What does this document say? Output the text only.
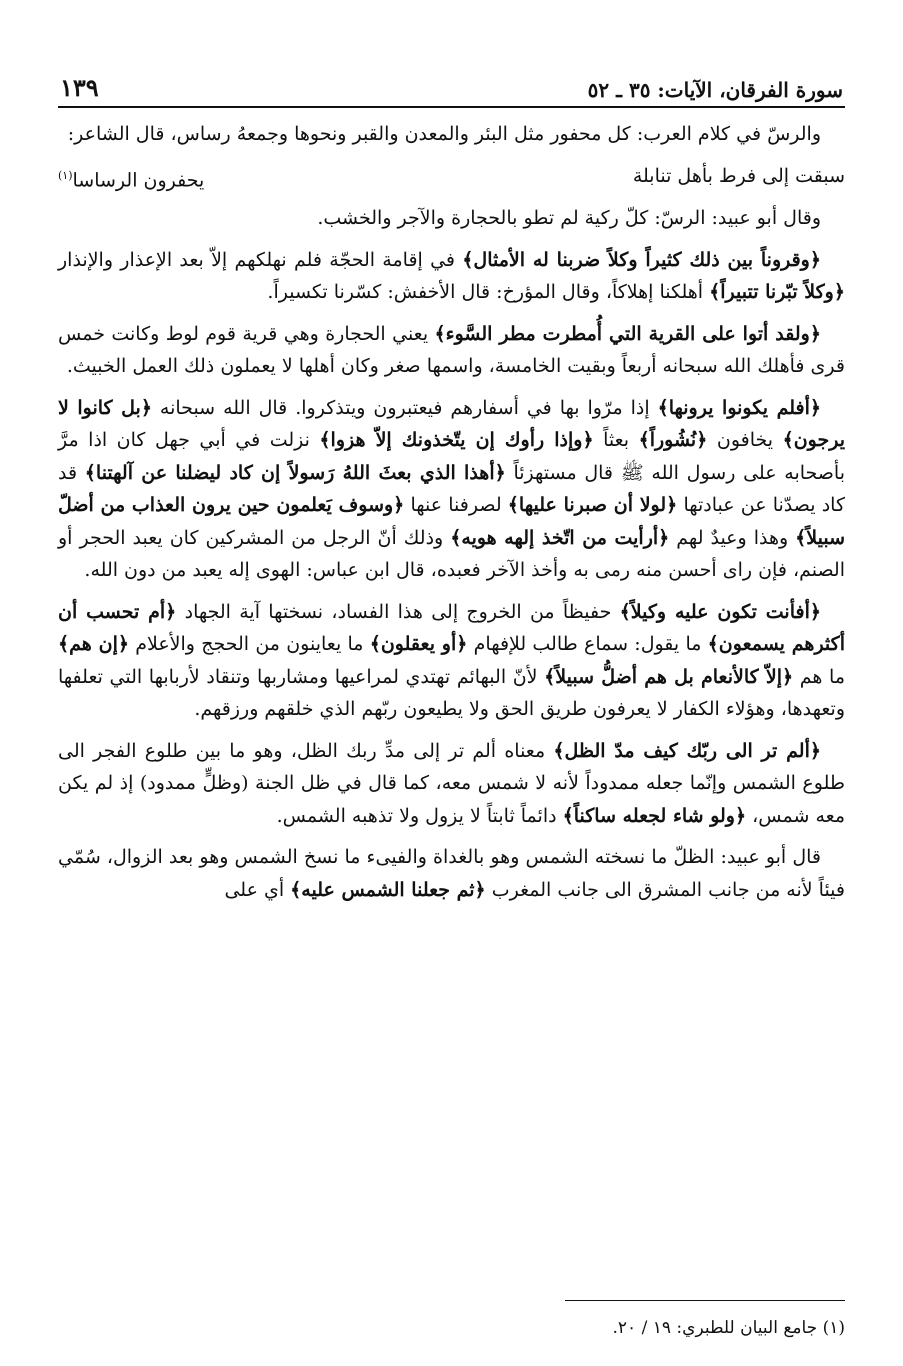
سورة الفرقان، الآيات: ٣٥ ـ ٥٢
١٣٩

والرسّ في كلام العرب: كل محفور مثل البئر والمعدن والقبر ونحوها وجمعهُ رساس، قال الشاعر:

سبقت إلى فرط بأهل تنابلة
يحفرون الرساسا$^{(١)}$

وقال أبو عبيد: الرسّ: كلّ ركية لم تطو بالحجارة والآجر والخشب.

﴿وقروناً بين ذلك كثيراً وكلاً ضربنا له الأمثال﴾ في إقامة الحجّة فلم نهلكهم إلاّ بعد الإعذار والإنذار ﴿وكلاً تبّرنا تتبيراً﴾ أهلكنا إهلاكاً، وقال المؤرخ: قال الأخفش: كسّرنا تكسيراً.

﴿ولقد أتوا على القرية التي أُمطرت مطر السَّوء﴾ يعني الحجارة وهي قرية قوم لوط وكانت خمس قرى فأهلك الله سبحانه أربعاً وبقيت الخامسة، واسمها صغر وكان أهلها لا يعملون ذلك العمل الخبيث.

﴿أفلم يكونوا يرونها﴾ إذا مرّوا بها في أسفارهم فيعتبرون ويتذكروا. قال الله سبحانه ﴿بل كانوا لا يرجون﴾ يخافون ﴿نُشُوراً﴾ بعثاً ﴿وإذا رأوك إن يتّخذونك إلاّ هزوا﴾ نزلت في أبي جهل كان اذا مرَّ بأصحابه على رسول الله ﷺ قال مستهزئاً ﴿أهذا الذي بعثَ اللهُ رَسولاً إن كاد ليضلنا عن آلهتنا﴾ قد كاد يصدّنا عن عبادتها ﴿لولا أن صبرنا عليها﴾ لصرفنا عنها ﴿وسوف يَعلمون حين يرون العذاب من أضلّ سبيلاً﴾ وهذا وعيدٌ لهم ﴿أرأيت من اتّخذ إلهه هويه﴾ وذلك أنّ الرجل من المشركين كان يعبد الحجر أو الصنم، فإن راى أحسن منه رمى به وأخذ الآخر فعبده، قال ابن عباس: الهوى إله يعبد من دون الله.

﴿أفأنت تكون عليه وكيلاً﴾ حفيظاً من الخروج إلى هذا الفساد، نسختها آية الجهاد ﴿أم تحسب أن أكثرهم يسمعون﴾ ما يقول: سماع طالب للإفهام ﴿أو يعقلون﴾ ما يعاينون من الحجج والأعلام ﴿إن هم﴾ ما هم ﴿إلاّ كالأنعام بل هم أضلُّ سبيلاً﴾ لأنّ البهائم تهتدي لمراعيها ومشاربها وتنقاد لأربابها التي تعلفها وتعهدها، وهؤلاء الكفار لا يعرفون طريق الحق ولا يطيعون ربّهم الذي خلقهم ورزقهم.

﴿ألم تر الى ربّك كيف مدّ الظل﴾ معناه ألم تر إلى مدِّ ربك الظل، وهو ما بين طلوع الفجر الى طلوع الشمس وإنّما جعله ممدوداً لأنه لا شمس معه، كما قال في ظل الجنة (وظلٍّ ممدود) إذ لم يكن معه شمس، ﴿ولو شاء لجعله ساكناً﴾ دائماً ثابتاً لا يزول ولا تذهبه الشمس.

قال أبو عبيد: الظلّ ما نسخته الشمس وهو بالغداة والفيىء ما نسخ الشمس وهو بعد الزوال، سُمّي فيئاً لأنه من جانب المشرق الى جانب المغرب ﴿ثم جعلنا الشمس عليه﴾ أي على

(١) جامع البيان للطبري: ١٩ / ٢٠.
